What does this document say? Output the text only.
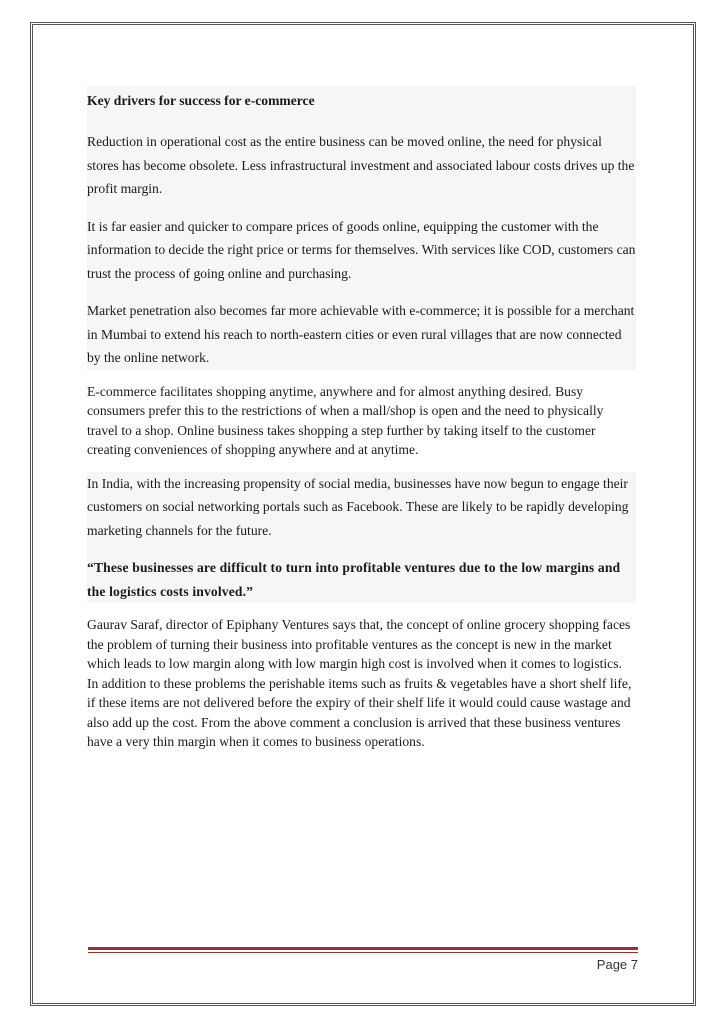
Key drivers for success for e-commerce

Reduction in operational cost as the entire business can be moved online, the need for physical stores has become obsolete. Less infrastructural investment and associated labour costs drives up the profit margin.

It is far easier and quicker to compare prices of goods online, equipping the customer with the information to decide the right price or terms for themselves. With services like COD, customers can trust the process of going online and purchasing.

Market penetration also becomes far more achievable with e-commerce; it is possible for a merchant in Mumbai to extend his reach to north-eastern cities or even rural villages that are now connected by the online network.

E-commerce facilitates shopping anytime, anywhere and for almost anything desired. Busy consumers prefer this to the restrictions of when a mall/shop is open and the need to physically travel to a shop. Online business takes shopping a step further by taking itself to the customer creating conveniences of shopping anywhere and at anytime.

In India, with the increasing propensity of social media, businesses have now begun to engage their customers on social networking portals such as Facebook. These are likely to be rapidly developing marketing channels for the future.

“These businesses are difficult to turn into profitable ventures due to the low margins and the logistics costs involved.”

Gaurav Saraf, director of Epiphany Ventures says that, the concept of online grocery shopping faces the problem of turning their business into profitable ventures as the concept is new in the market which leads to low margin along with low margin high cost is involved when it comes to logistics. In addition to these problems the perishable items such as fruits & vegetables have a short shelf life, if these items are not delivered before the expiry of their shelf life it would could cause wastage and also add up the cost. From the above comment a conclusion is arrived that these business ventures have a very thin margin when it comes to business operations.

Page 7
